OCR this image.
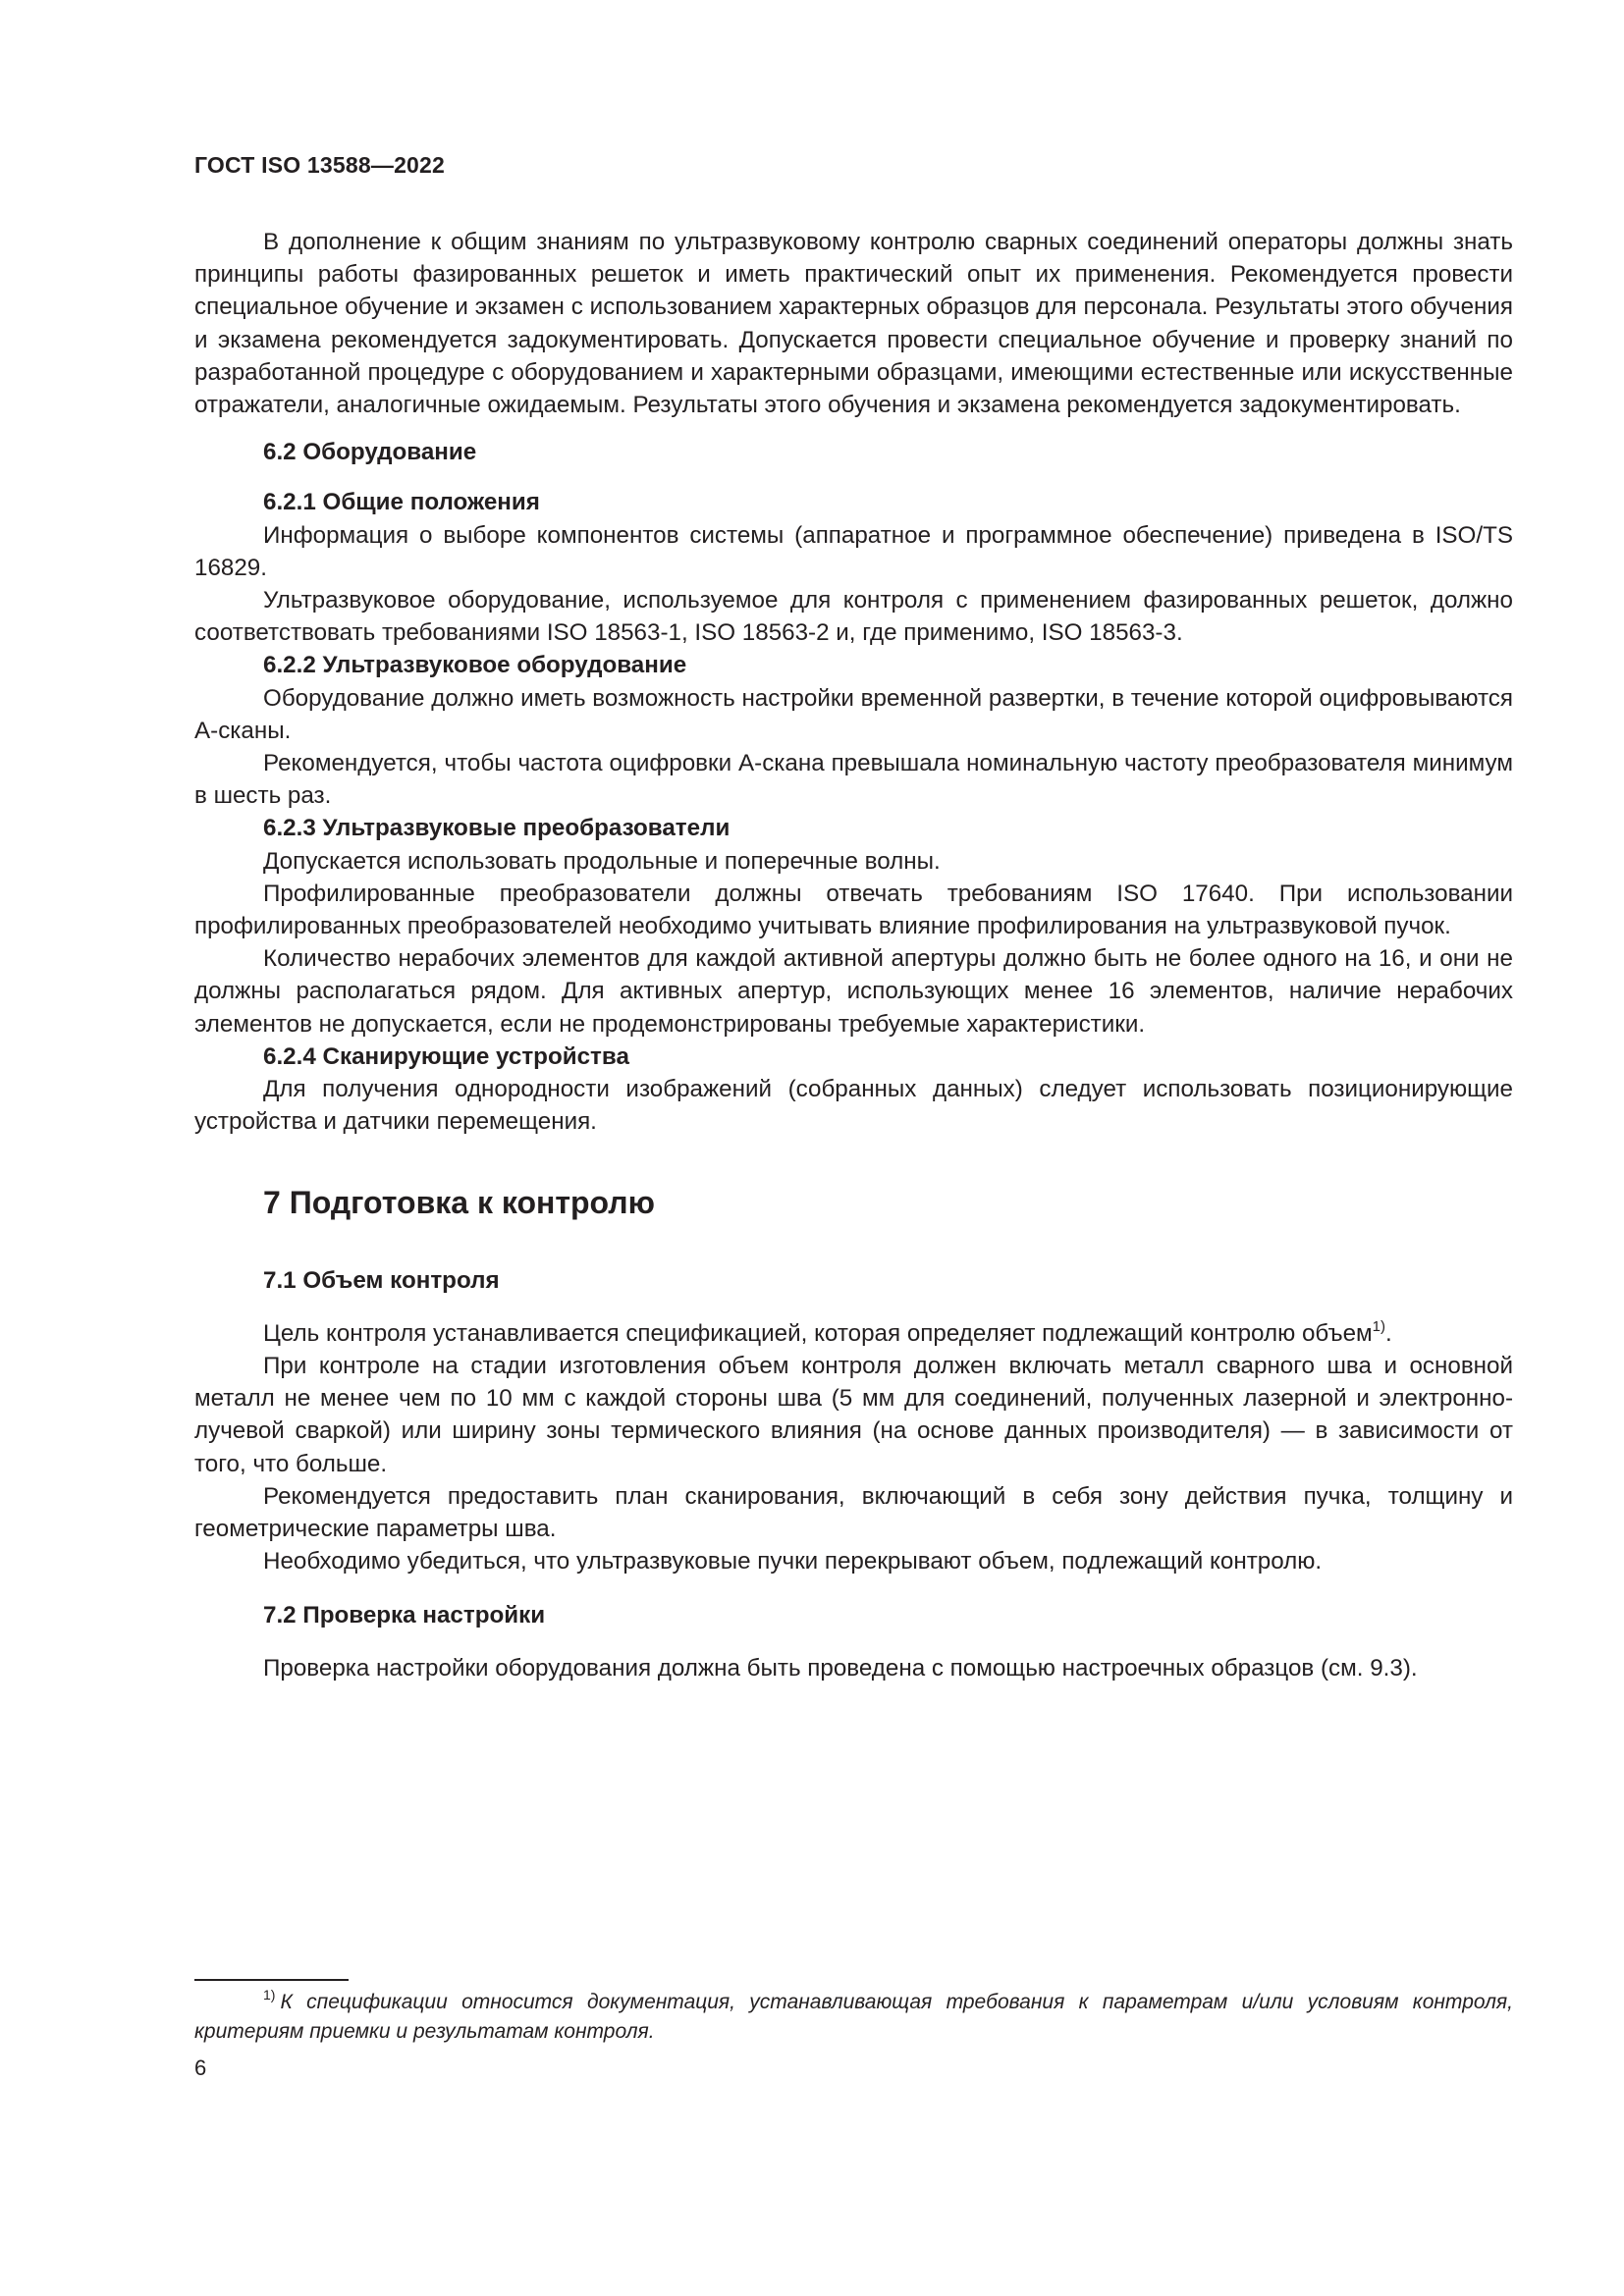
ГОСТ ISO 13588—2022

В дополнение к общим знаниям по ультразвуковому контролю сварных соединений операторы должны знать принципы работы фазированных решеток и иметь практический опыт их применения. Рекомендуется провести специальное обучение и экзамен с использованием характерных образцов для персонала. Результаты этого обучения и экзамена рекомендуется задокументировать. Допускается провести специальное обучение и проверку знаний по разработанной процедуре с оборудованием и характерными образцами, имеющими естественные или искусственные отражатели, аналогичные ожидаемым. Результаты этого обучения и экзамена рекомендуется задокументировать.

6.2 Оборудование
6.2.1 Общие положения

Информация о выборе компонентов системы (аппаратное и программное обеспечение) приведена в ISO/TS 16829.

Ультразвуковое оборудование, используемое для контроля с применением фазированных решеток, должно соответствовать требованиями ISO 18563-1, ISO 18563-2 и, где применимо, ISO 18563-3.

6.2.2 Ультразвуковое оборудование

Оборудование должно иметь возможность настройки временной развертки, в течение которой оцифровываются А-сканы.

Рекомендуется, чтобы частота оцифровки А-скана превышала номинальную частоту преобразователя минимум в шесть раз.

6.2.3 Ультразвуковые преобразователи

Допускается использовать продольные и поперечные волны.

Профилированные преобразователи должны отвечать требованиям ISO 17640. При использовании профилированных преобразователей необходимо учитывать влияние профилирования на ультразвуковой пучок.

Количество нерабочих элементов для каждой активной апертуры должно быть не более одного на 16, и они не должны располагаться рядом. Для активных апертур, использующих менее 16 элементов, наличие нерабочих элементов не допускается, если не продемонстрированы требуемые характеристики.

6.2.4 Сканирующие устройства

Для получения однородности изображений (собранных данных) следует использовать позиционирующие устройства и датчики перемещения.

7 Подготовка к контролю
7.1 Объем контроля

Цель контроля устанавливается спецификацией, которая определяет подлежащий контролю объем$^{1)}$.

При контроле на стадии изготовления объем контроля должен включать металл сварного шва и основной металл не менее чем по 10 мм с каждой стороны шва (5 мм для соединений, полученных лазерной и электронно-лучевой сваркой) или ширину зоны термического влияния (на основе данных производителя) — в зависимости от того, что больше.

Рекомендуется предоставить план сканирования, включающий в себя зону действия пучка, толщину и геометрические параметры шва.

Необходимо убедиться, что ультразвуковые пучки перекрывают объем, подлежащий контролю.

7.2 Проверка настройки

Проверка настройки оборудования должна быть проведена с помощью настроечных образцов (см. 9.3).

$^{1)}$ К спецификации относится документация, устанавливающая требования к параметрам и/или условиям контроля, критериям приемки и результатам контроля.
6
